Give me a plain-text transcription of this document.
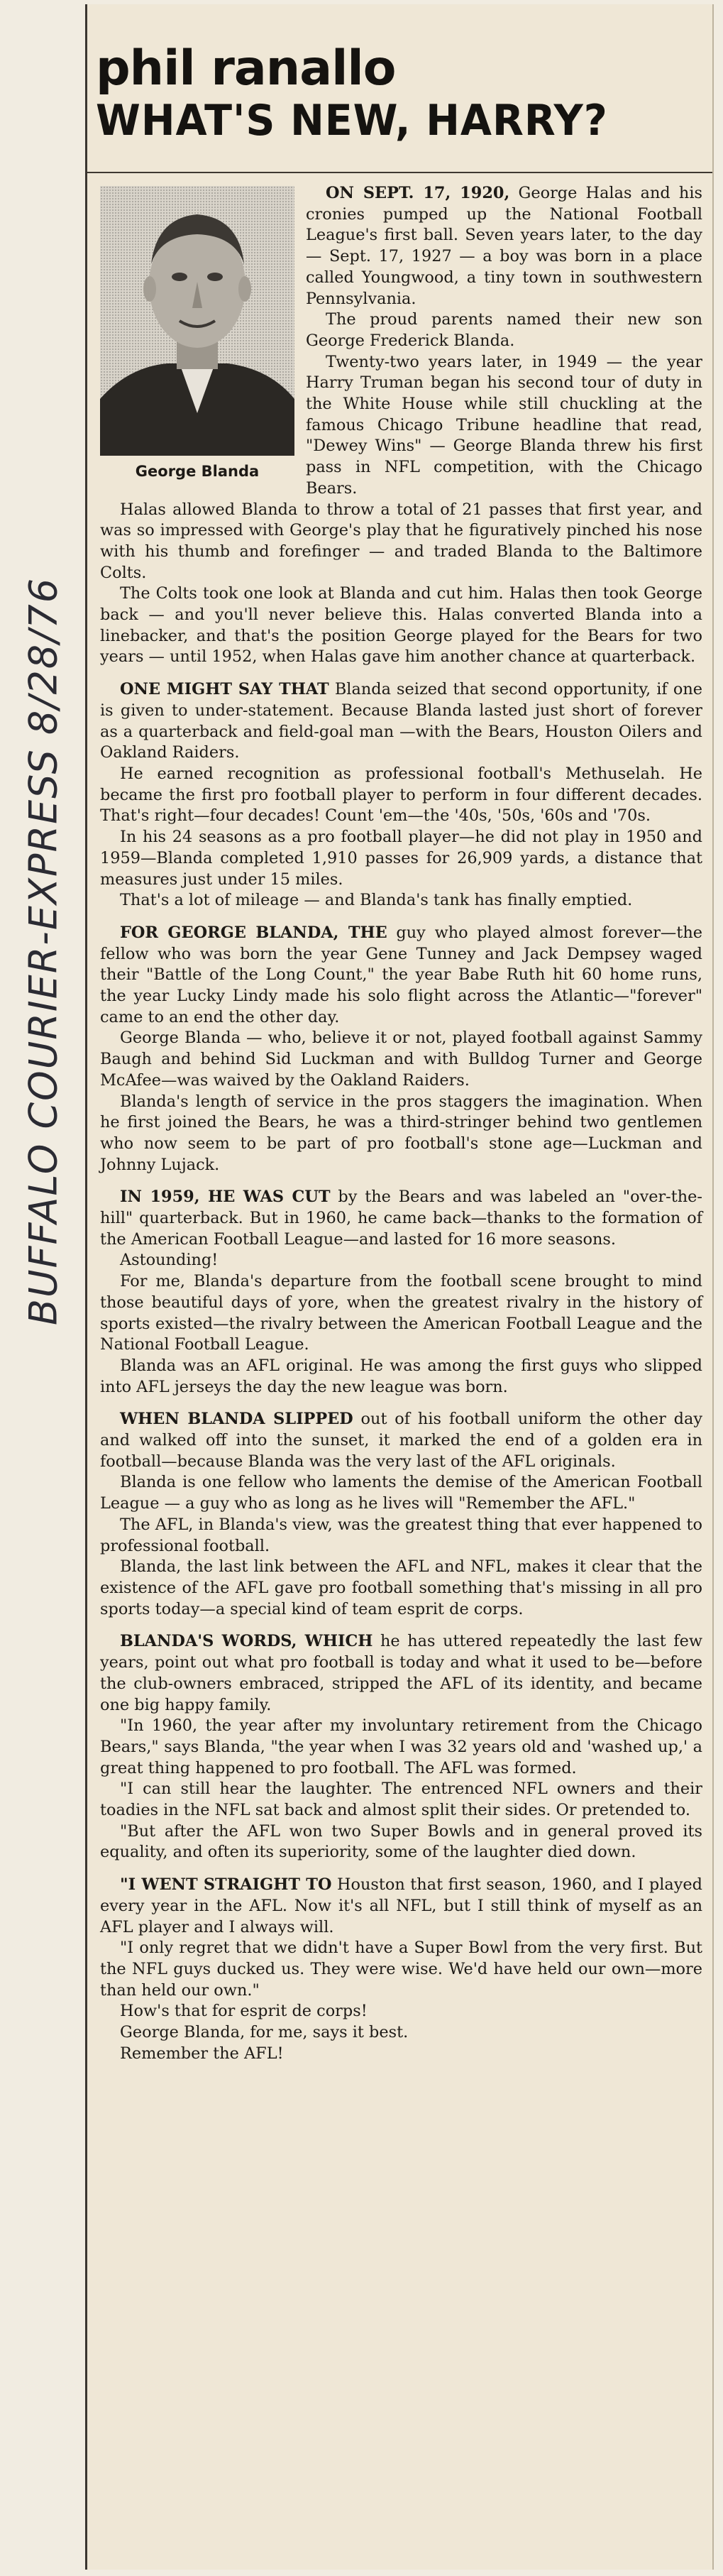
BUFFALO COURIER-EXPRESS 8/28/76
phil ranallo
WHAT'S NEW, HARRY?
George Blanda

ON SEPT. 17, 1920, George Halas and his cronies pumped up the National Football League's first ball. Seven years later, to the day — Sept. 17, 1927 — a boy was born in a place called Youngwood, a tiny town in southwestern Pennsylvania.

The proud parents named their new son George Frederick Blanda.

Twenty-two years later, in 1949 — the year Harry Truman began his second tour of duty in the White House while still chuckling at the famous Chicago Tribune headline that read, "Dewey Wins" — George Blanda threw his first pass in NFL competition, with the Chicago Bears.

Halas allowed Blanda to throw a total of 21 passes that first year, and was so impressed with George's play that he figuratively pinched his nose with his thumb and forefinger — and traded Blanda to the Baltimore Colts.

The Colts took one look at Blanda and cut him. Halas then took George back — and you'll never believe this. Halas converted Blanda into a linebacker, and that's the position George played for the Bears for two years — until 1952, when Halas gave him another chance at quarterback.

ONE MIGHT SAY THAT Blanda seized that second opportunity, if one is given to under-statement. Because Blanda lasted just short of forever as a quarterback and field-goal man —with the Bears, Houston Oilers and Oakland Raiders.

He earned recognition as professional football's Methuselah. He became the first pro football player to perform in four different decades. That's right—four decades! Count 'em—the '40s, '50s, '60s and '70s.

In his 24 seasons as a pro football player—he did not play in 1950 and 1959—Blanda completed 1,910 passes for 26,909 yards, a distance that measures just under 15 miles.

That's a lot of mileage — and Blanda's tank has finally emptied.

FOR GEORGE BLANDA, THE guy who played almost forever—the fellow who was born the year Gene Tunney and Jack Dempsey waged their "Battle of the Long Count," the year Babe Ruth hit 60 home runs, the year Lucky Lindy made his solo flight across the Atlantic—"forever" came to an end the other day.

George Blanda — who, believe it or not, played football against Sammy Baugh and behind Sid Luckman and with Bulldog Turner and George McAfee—was waived by the Oakland Raiders.

Blanda's length of service in the pros staggers the imagination. When he first joined the Bears, he was a third-stringer behind two gentlemen who now seem to be part of pro football's stone age—Luckman and Johnny Lujack.

IN 1959, HE WAS CUT by the Bears and was labeled an "over-the-hill" quarterback. But in 1960, he came back—thanks to the formation of the American Football League—and lasted for 16 more seasons.

Astounding!

For me, Blanda's departure from the football scene brought to mind those beautiful days of yore, when the greatest rivalry in the history of sports existed—the rivalry between the American Football League and the National Football League.

Blanda was an AFL original. He was among the first guys who slipped into AFL jerseys the day the new league was born.

WHEN BLANDA SLIPPED out of his football uniform the other day and walked off into the sunset, it marked the end of a golden era in football—because Blanda was the very last of the AFL originals.

Blanda is one fellow who laments the demise of the American Football League — a guy who as long as he lives will "Remember the AFL."

The AFL, in Blanda's view, was the greatest thing that ever happened to professional football.

Blanda, the last link between the AFL and NFL, makes it clear that the existence of the AFL gave pro football something that's missing in all pro sports today—a special kind of team esprit de corps.

BLANDA'S WORDS, WHICH he has uttered repeatedly the last few years, point out what pro football is today and what it used to be—before the club-owners embraced, stripped the AFL of its identity, and became one big happy family.

"In 1960, the year after my involuntary retirement from the Chicago Bears," says Blanda, "the year when I was 32 years old and 'washed up,' a great thing happened to pro football. The AFL was formed.

"I can still hear the laughter. The entrenced NFL owners and their toadies in the NFL sat back and almost split their sides. Or pretended to.

"But after the AFL won two Super Bowls and in general proved its equality, and often its superiority, some of the laughter died down.

"I WENT STRAIGHT TO Houston that first season, 1960, and I played every year in the AFL. Now it's all NFL, but I still think of myself as an AFL player and I always will.

"I only regret that we didn't have a Super Bowl from the very first. But the NFL guys ducked us. They were wise. We'd have held our own—more than held our own."

How's that for esprit de corps!

George Blanda, for me, says it best.

Remember the AFL!
